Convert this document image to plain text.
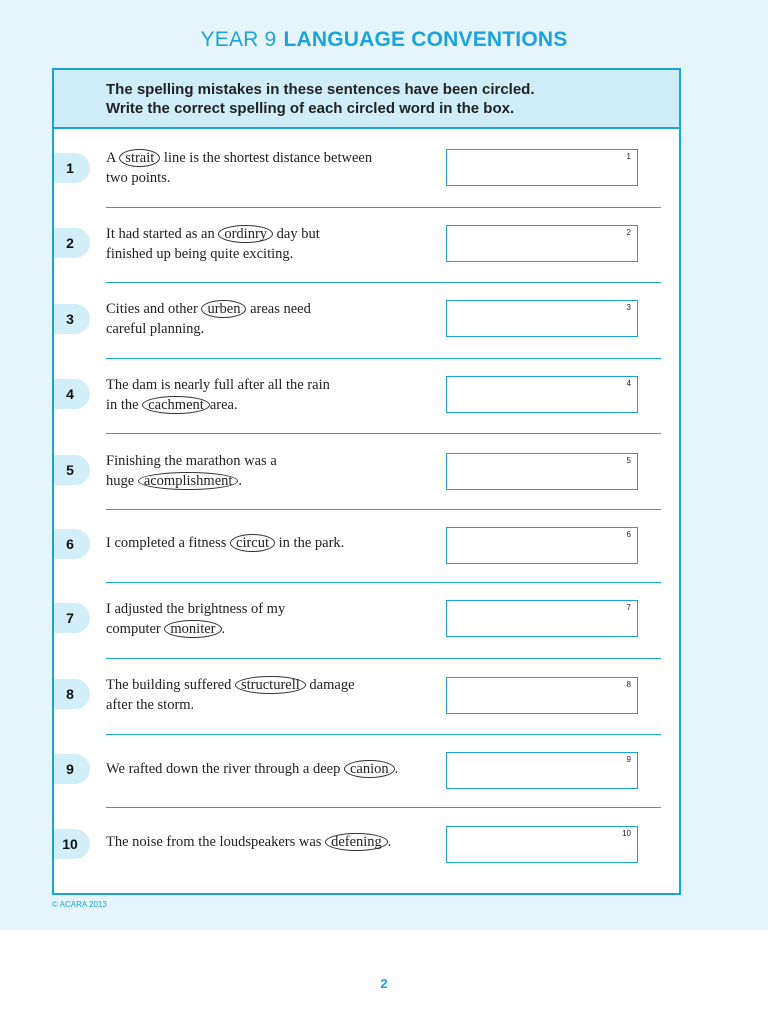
YEAR 9 LANGUAGE CONVENTIONS

The spelling mistakes in these sentences have been circled.

Write the correct spelling of each circled word in the box.

1
A strait line is the shortest distance between
two points.
1
2
It had started as an ordinry day but
finished up being quite exciting.
2
3
Cities and other urben areas need
careful planning.
3
4
The dam is nearly full after all the rain
in the cachment area.
4
5
Finishing the marathon was a
huge acomplishment .
5
6	I completed a fitness circut in the park.
6
7
I adjusted the brightness of my
computer moniter .
7
8
The building suffered structurell damage
after the storm.
8
9	We rafted down the river through a deep canion .
9
10	The noise from the loudspeakers was defening .
10
© ACARA 2013
2
